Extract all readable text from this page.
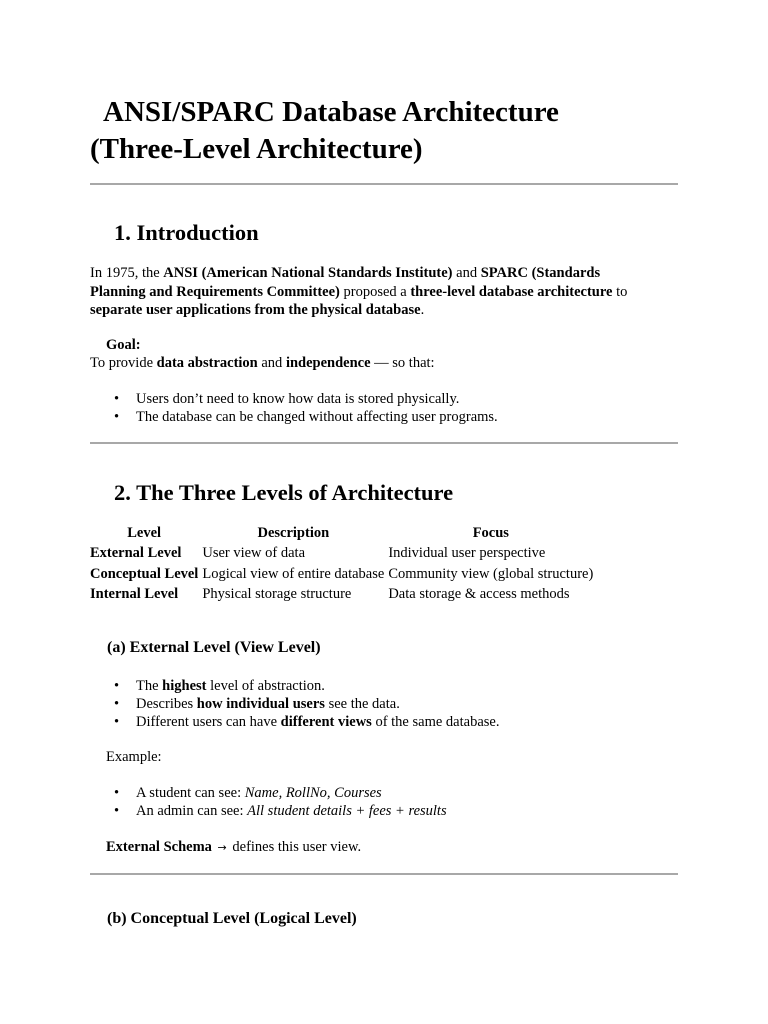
ANSI/SPARC Database Architecture
(Three-Level Architecture)
1. Introduction
In 1975, the ANSI (American National Standards Institute) and SPARC (Standards
Planning and Requirements Committee) proposed a three-level database architecture to
separate user applications from the physical database.
Goal:
To provide data abstraction and independence — so that:
• Users don’t need to know how data is stored physically.
• The database can be changed without affecting user programs.
2. The Three Levels of Architecture
Level	Description	Focus
External Level	User view of data	Individual user perspective
Conceptual Level	Logical view of entire database	Community view (global structure)
Internal Level	Physical storage structure	Data storage & access methods
(a) External Level (View Level)
• The highest level of abstraction.
• Describes how individual users see the data.
• Different users can have different views of the same database.
Example:
• A student can see: Name, RollNo, Courses
• An admin can see: All student details + fees + results
External Schema → defines this user view.
(b) Conceptual Level (Logical Level)
